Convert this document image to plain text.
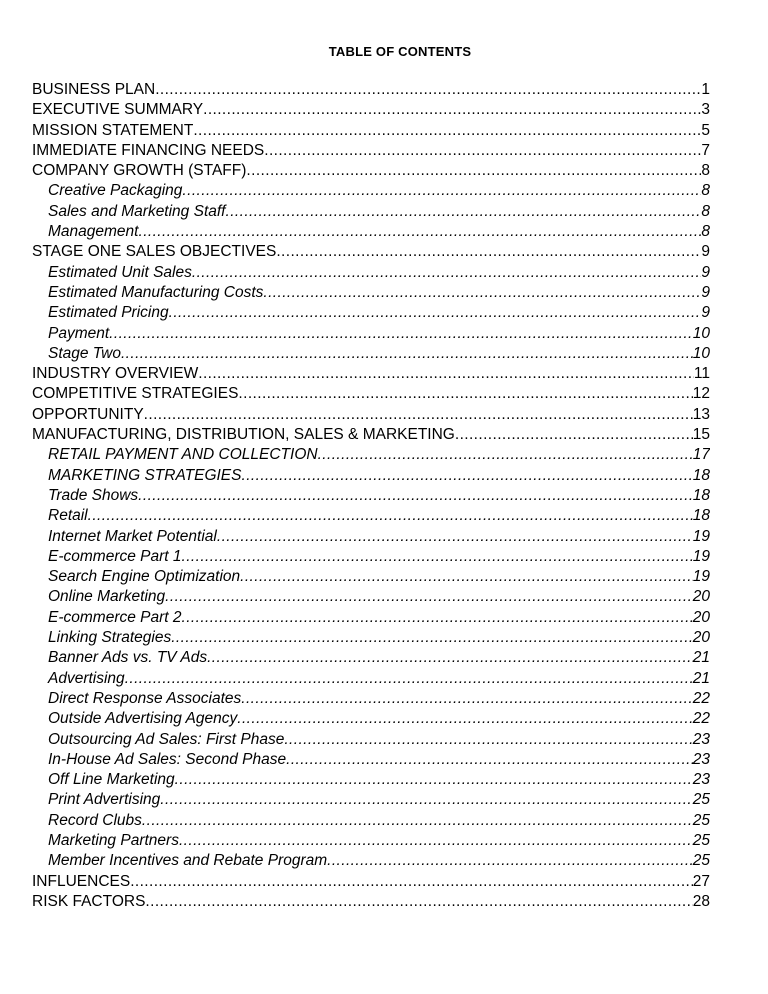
TABLE OF CONTENTS
BUSINESS PLAN .....	1
EXECUTIVE SUMMARY .....	3
MISSION STATEMENT .....	5
IMMEDIATE FINANCING NEEDS .....	7
COMPANY GROWTH (STAFF) .....	8
Creative Packaging .....	8
Sales and Marketing Staff .....	8
Management .....	8
STAGE ONE SALES OBJECTIVES .....	9
Estimated Unit Sales .....	9
Estimated Manufacturing Costs .....	9
Estimated Pricing .....	9
Payment .....	10
Stage Two .....	10
INDUSTRY OVERVIEW .....	11
COMPETITIVE STRATEGIES .....	12
OPPORTUNITY .....	13
MANUFACTURING, DISTRIBUTION, SALES & MARKETING .....	15
RETAIL PAYMENT AND COLLECTION .....	17
MARKETING STRATEGIES .....	18
Trade Shows .....	18
Retail .....	18
Internet Market Potential .....	19
E-commerce Part 1 .....	19
Search Engine Optimization .....	19
Online Marketing .....	20
E-commerce Part 2 .....	20
Linking Strategies .....	20
Banner Ads vs. TV Ads .....	21
Advertising .....	21
Direct Response Associates .....	22
Outside Advertising Agency .....	22
Outsourcing Ad Sales: First Phase .....	23
In-House Ad Sales: Second Phase .....	23
Off Line Marketing .....	23
Print Advertising .....	25
Record Clubs .....	25
Marketing Partners .....	25
Member Incentives and Rebate Program .....	25
INFLUENCES .....	27
RISK FACTORS .....	28
